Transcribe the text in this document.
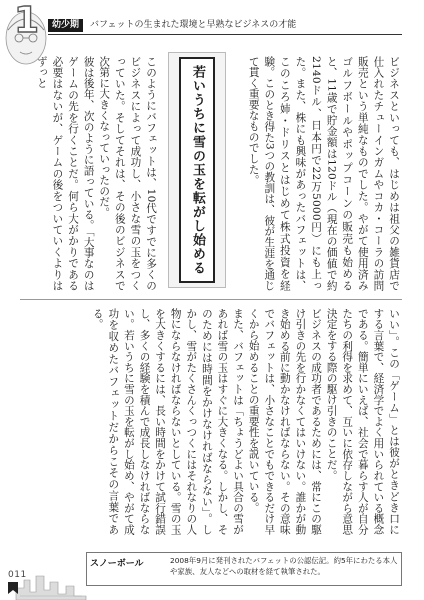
1	幼少期	バフェットの生まれた環境と早熟なビジネスの才能
ビジネスといっても、はじめは祖父の雑貨店で仕入れたチューインガムやコカ・コーラの訪問販売という単純なものでした。やがて使用済みゴルフボールやポップコーンの販売も始めると、11歳で貯金額は120ドル（現在の価値で約2140ドル、日本円で22万5000円）にも上った。また、株にも興味があったバフェットは、このころ姉・ドリスとはじめて株式投資を経験。このとき得た3つの教訓は、彼が生涯を通じて貫く重要なものでした。
若いうちに雪の玉を転がし始める
このようにバフェットは、10代ですでに多くのビジネスによって成功し、小さな雪の玉をつくっていた。そしてそれは、その後のビジネスで次第に大きくなっていったのだ。
彼は後年、次のように語っている。「大事なのはゲームの先を行くことだ。何ら大がかりである必要はないが、ゲームの後をついていくよりはずっと
いい」。この「ゲーム」とは彼がときどき口にする言葉で、経済学でよく用いられている概念である。簡単にいえば、社会で暮らす人が自分たちの利得を求めて、互いに依存しながら意思決定をする際の駆け引きのことだ。
ビジネスの成功者であるためには、常にこの駆け引きの先を行かなくてはいけない。誰かが動き始める前に動かなければならない。その意味でバフェットは、小さなことでもできるだけ早くから始めることの重要性を説いている。
また、バフェットは「ちょうどよい具合の雪があれば雪の玉はすぐに大きくなる。しかし、そのためには時間をかけなければならない」。しかし、雪がたくさんくっつくにはそれなりの人物にならなければならないとしている。雪の玉を大きくするには、長い時間をかけて試行錯誤し、多くの経験を積んで成長しなければならない。若いうちに雪の玉を転がし始め、やがて成功を収めたバフェットだからこその言葉である。
011
スノーボール	2008年9月に発刊されたバフェットの公認伝記。約5年にわたる本人や家族、友人などへの取材を経て執筆された。
